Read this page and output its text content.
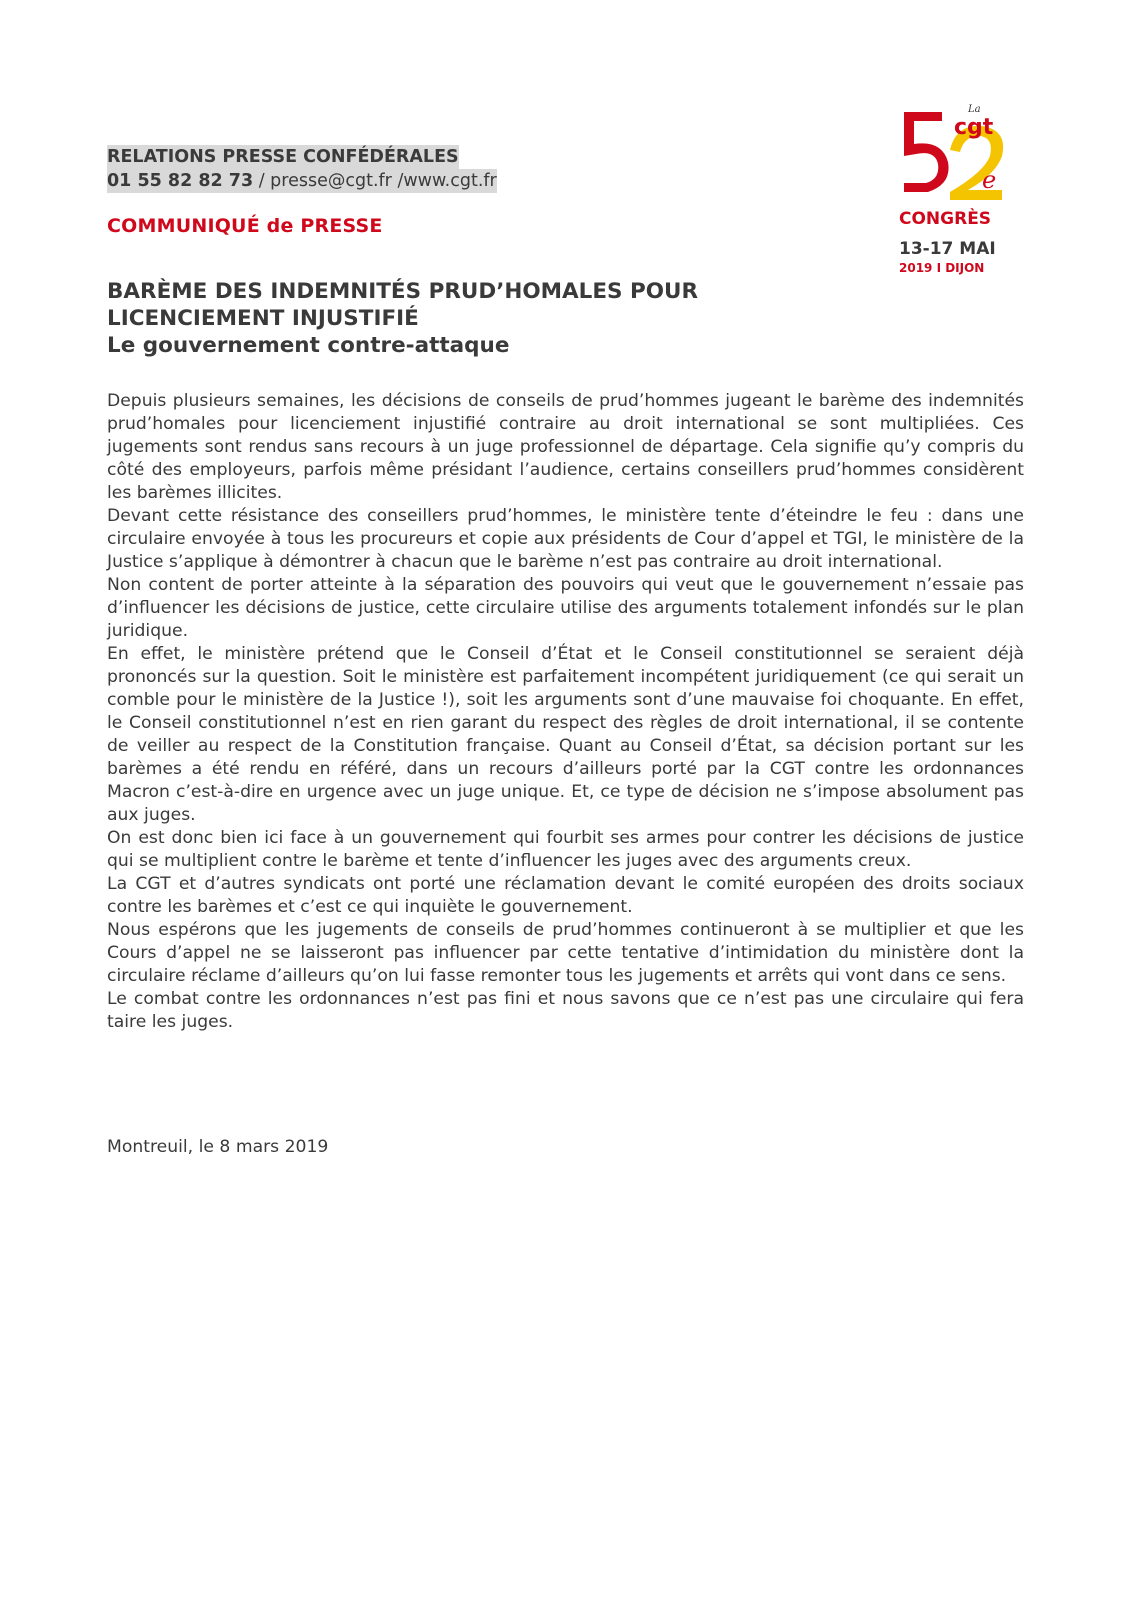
RELATIONS PRESSE CONFÉDÉRALES
01 55 82 82 73 / presse@cgt.fr /www.cgt.fr
COMMUNIQUÉ de PRESSE
BARÈME DES INDEMNITÉS PRUD’HOMALES POUR
LICENCIEMENT INJUSTIFIÉ
Le gouvernement contre-attaque

Depuis plusieurs semaines, les décisions de conseils de prud’hommes jugeant le barème des indemnités prud’homales pour licenciement injustifié contraire au droit international se sont multipliées. Ces jugements sont rendus sans recours à un juge professionnel de départage. Cela signifie qu’y compris du côté des employeurs, parfois même présidant l’audience, certains conseillers prud’hommes considèrent les barèmes illicites.

Devant cette résistance des conseillers prud’hommes, le ministère tente d’éteindre le feu : dans une circulaire envoyée à tous les procureurs et copie aux présidents de Cour d’appel et TGI, le ministère de la Justice s’applique à démontrer à chacun que le barème n’est pas contraire au droit international.

Non content de porter atteinte à la séparation des pouvoirs qui veut que le gouvernement n’essaie pas d’influencer les décisions de justice, cette circulaire utilise des arguments totalement infondés sur le plan juridique.

En effet, le ministère prétend que le Conseil d’État et le Conseil constitutionnel se seraient déjà prononcés sur la question. Soit le ministère est parfaitement incompétent juridiquement (ce qui serait un comble pour le ministère de la Justice !), soit les arguments sont d’une mauvaise foi choquante. En effet, le Conseil constitutionnel n’est en rien garant du respect des règles de droit international, il se contente de veiller au respect de la Constitution française. Quant au Conseil d’État, sa décision portant sur les barèmes a été rendu en référé, dans un recours d’ailleurs porté par la CGT contre les ordonnances Macron c’est-à-dire en urgence avec un juge unique. Et, ce type de décision ne s’impose absolument pas aux juges.

On est donc bien ici face à un gouvernement qui fourbit ses armes pour contrer les décisions de justice qui se multiplient contre le barème et tente d’influencer les juges avec des arguments creux.

La CGT et d’autres syndicats ont porté une réclamation devant le comité européen des droits sociaux contre les barèmes et c’est ce qui inquiète le gouvernement.

Nous espérons que les jugements de conseils de prud’hommes continueront à se multiplier et que les Cours d’appel ne se laisseront pas influencer par cette tentative d’intimidation du ministère dont la circulaire réclame d’ailleurs qu’on lui fasse remonter tous les jugements et arrêts qui vont dans ce sens.

Le combat contre les ordonnances n’est pas fini et nous savons que ce n’est pas une circulaire qui fera taire les juges.

Montreuil, le 8 mars 2019
La
cgt
e
CONGRÈS
13-17 MAI
2019 I DIJON
